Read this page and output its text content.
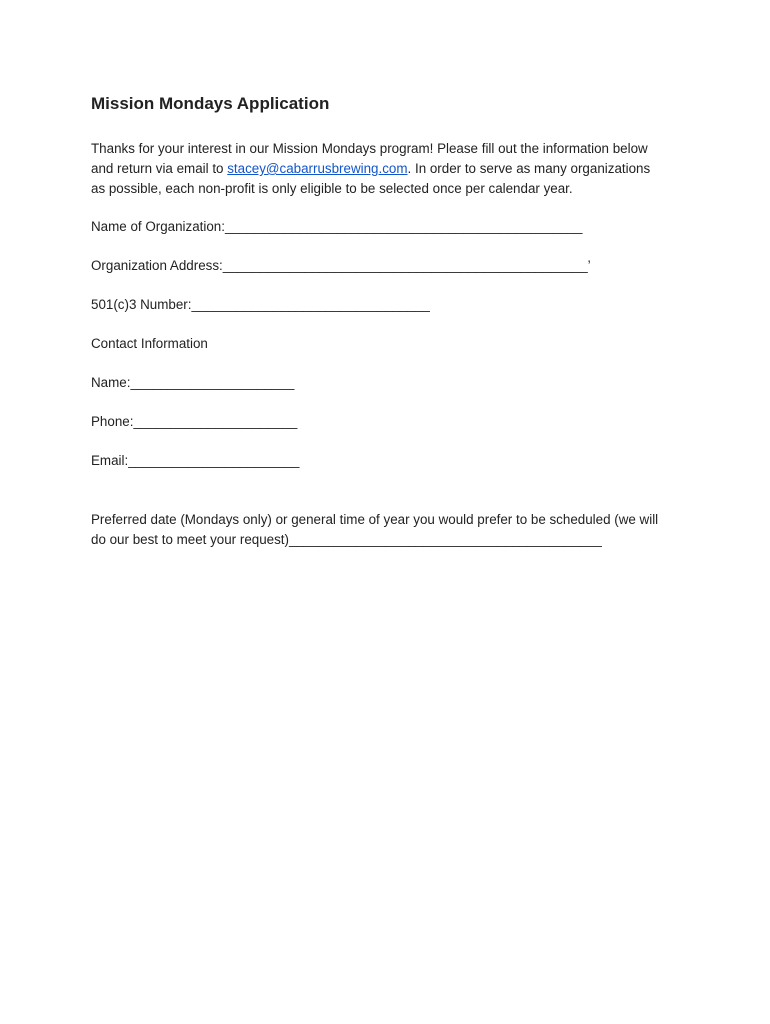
Mission Mondays Application

Thanks for your interest in our Mission Mondays program! Please fill out the information below
and return via email to stacey@cabarrusbrewing.com. In order to serve as many organizations
as possible, each non-profit is only eligible to be selected once per calendar year.

Name of Organization:________________________________________________
Organization Address:_________________________________________________’
501(c)3 Number:________________________________
Contact Information
Name:______________________
Phone:______________________
Email:_______________________
Preferred date (Mondays only) or general time of year you would prefer to be scheduled (we will
do our best to meet your request)__________________________________________
